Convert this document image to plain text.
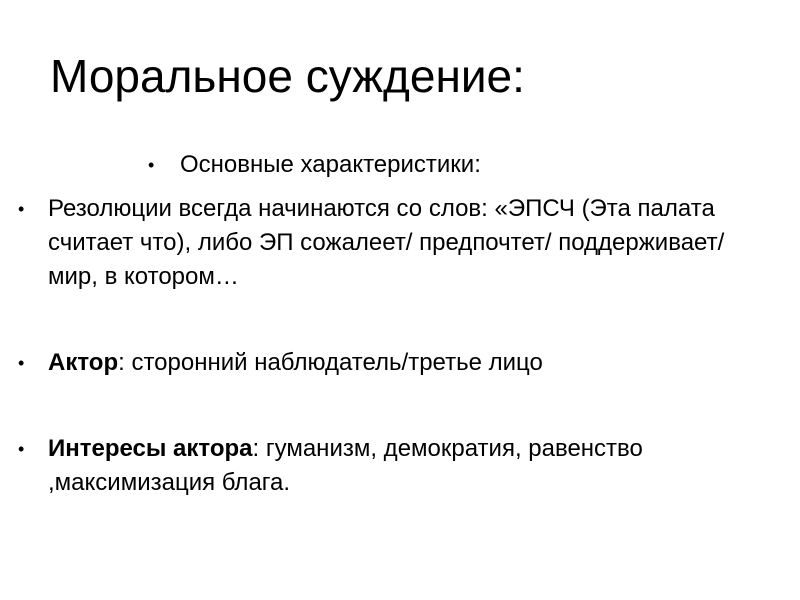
Моральное суждение:
• Основные характеристики:
• Резолюции всегда начинаются со слов: «ЭПСЧ (Эта палата считает что), либо ЭП сожалеет/ предпочтет/ поддерживает/ мир, в котором…
• Актор: сторонний наблюдатель/третье лицо
• Интересы актора: гуманизм, демократия, равенство ,максимизация блага.
